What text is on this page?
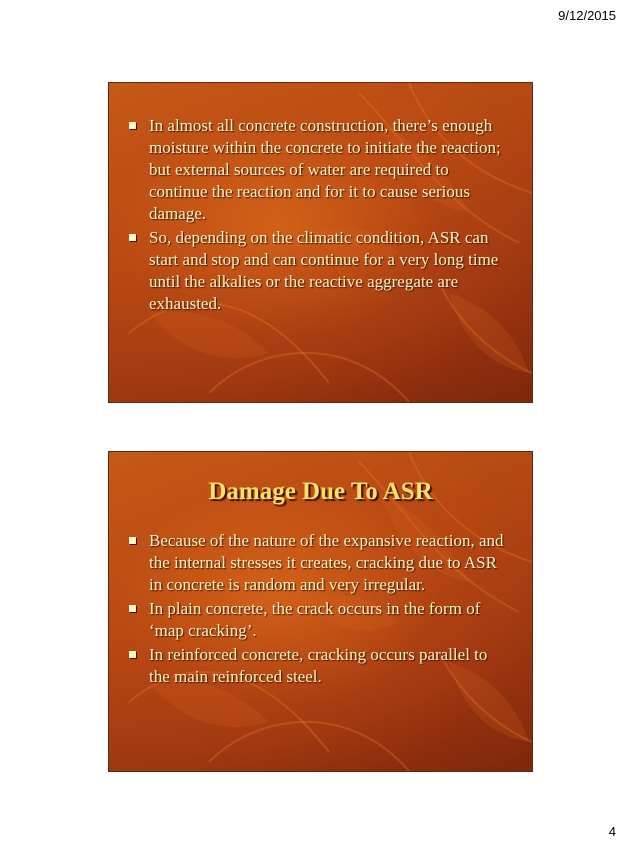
9/12/2015
In almost all concrete construction, there’s enough moisture within the concrete to initiate the reaction; but external sources of water are required to continue the reaction and for it to cause serious damage.
So, depending on the climatic condition, ASR can start and stop and can continue for a very long time until the alkalies or the reactive aggregate are exhausted.
Damage Due To ASR
Because of the nature of the expansive reaction, and the internal stresses it creates, cracking due to ASR in concrete is random and very irregular.
In plain concrete, the crack occurs in the form of ‘map cracking’.
In reinforced concrete, cracking occurs parallel to the main reinforced steel.
4
